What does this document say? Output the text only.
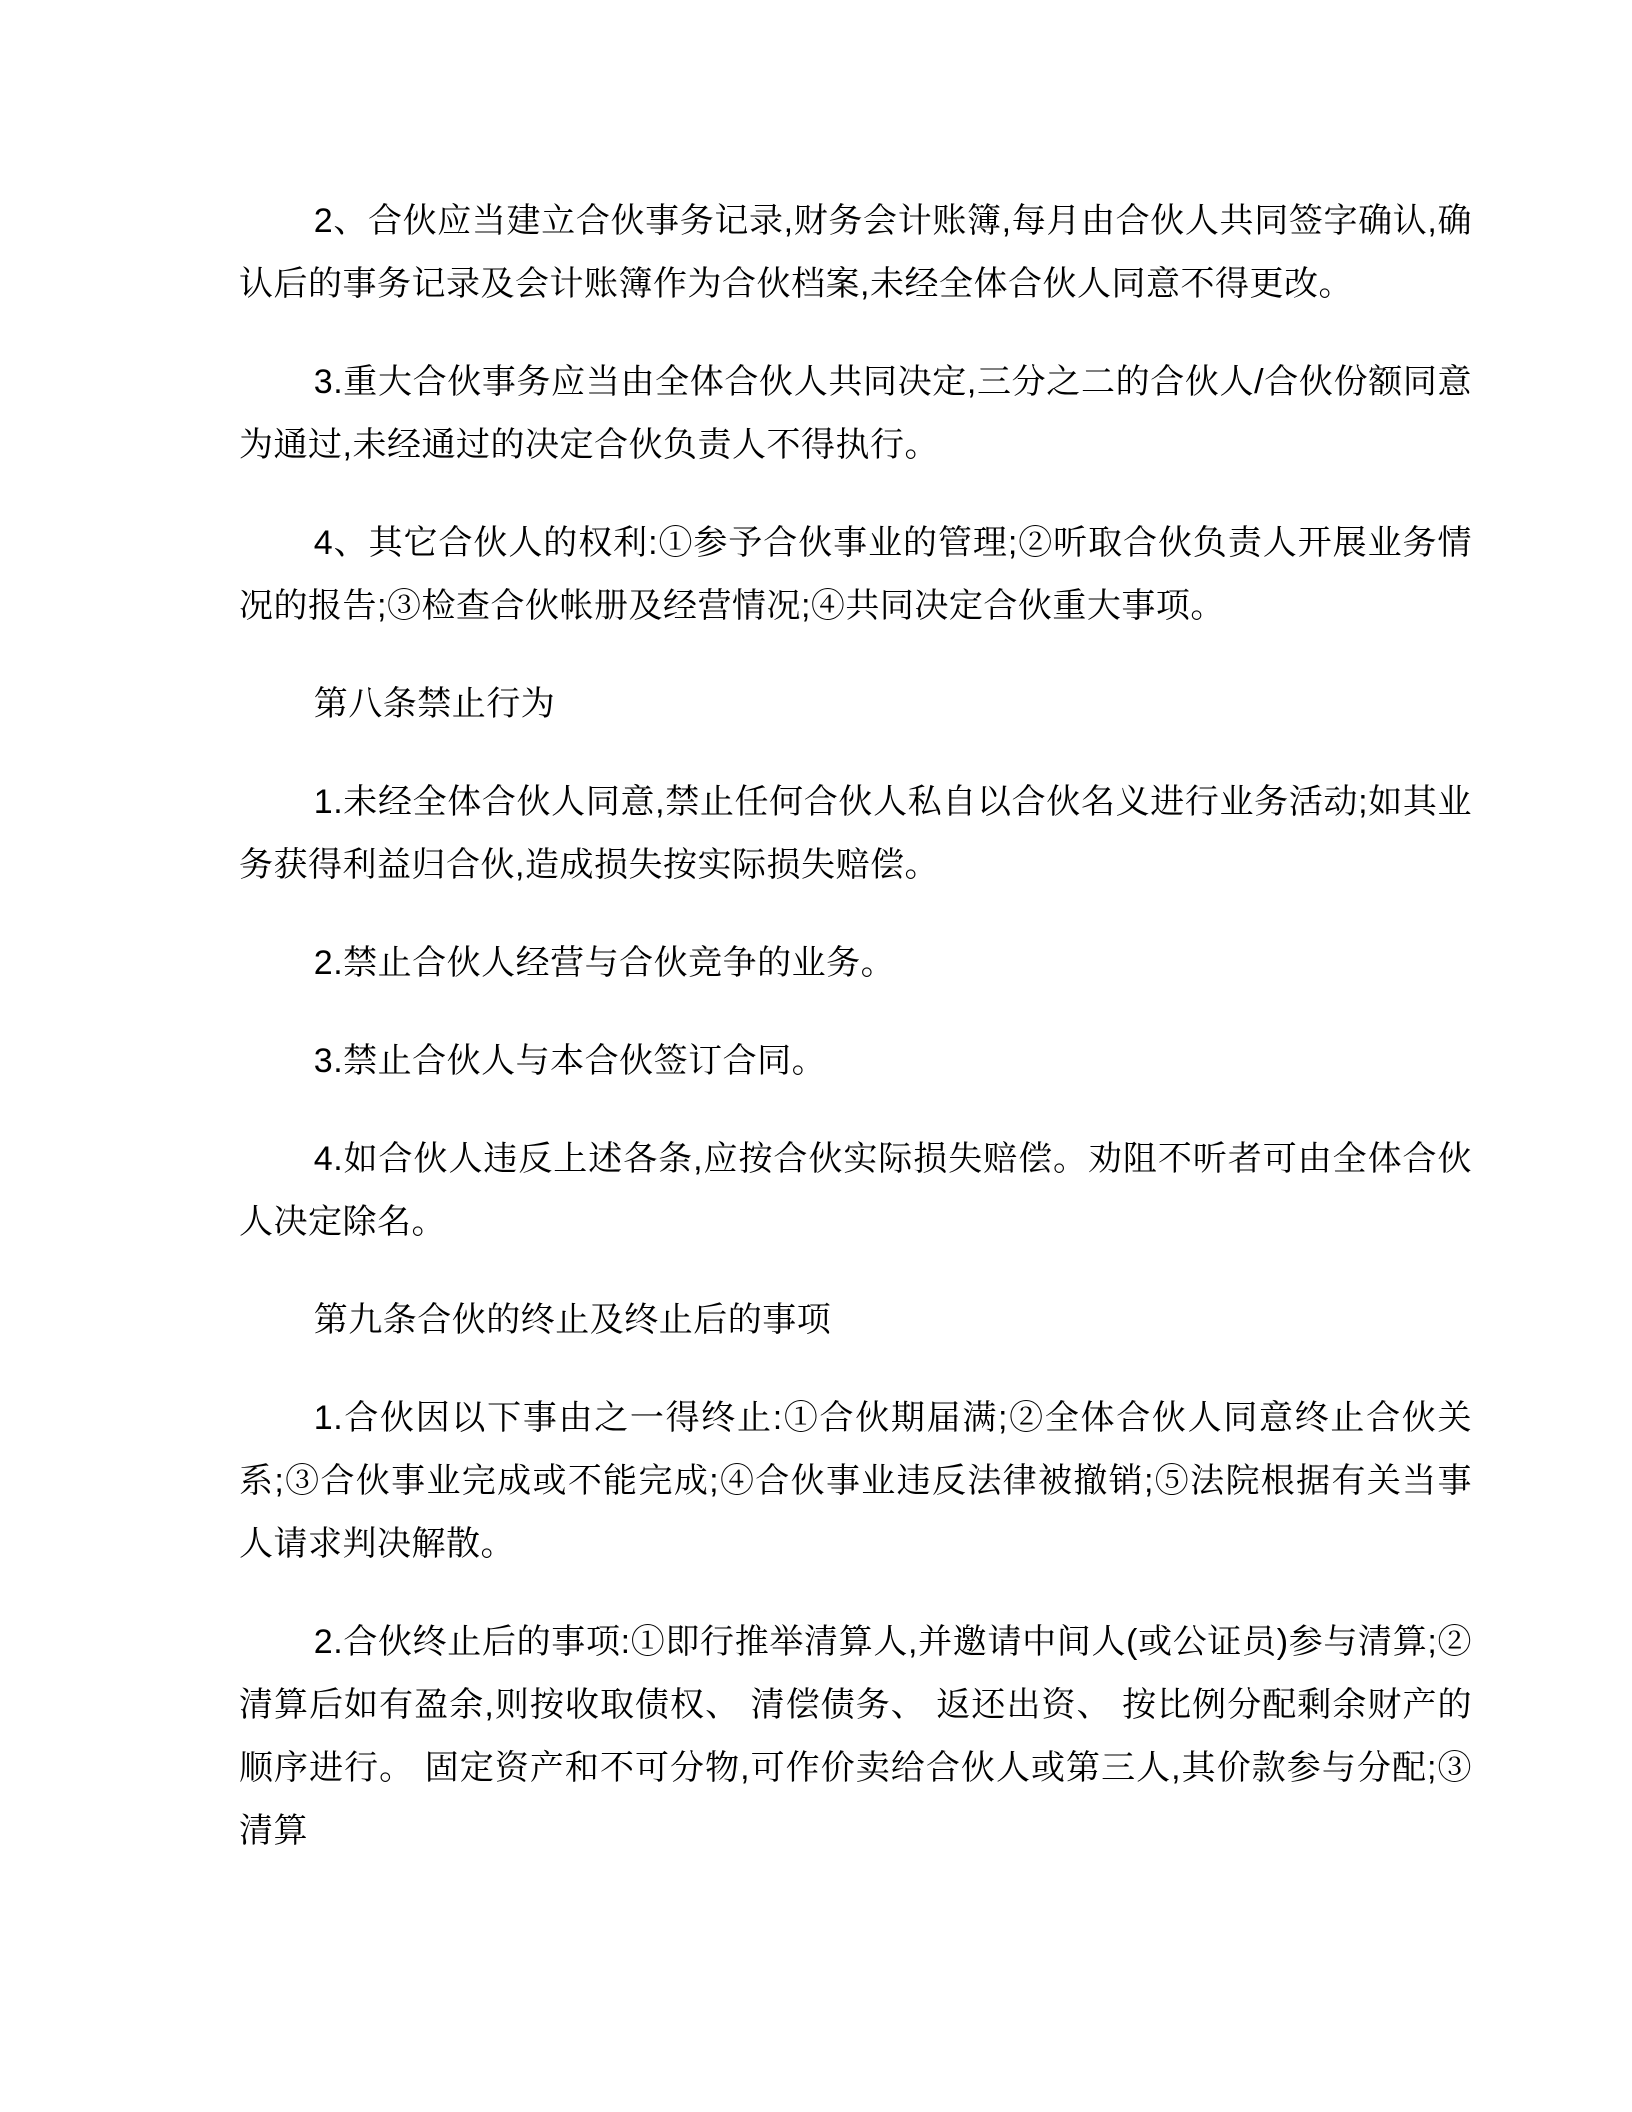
2、合伙应当建立合伙事务记录,财务会计账簿,每月由合伙人共同签字确认,确认后的事务记录及会计账簿作为合伙档案,未经全体合伙人同意不得更改。

3.重大合伙事务应当由全体合伙人共同决定,三分之二的合伙人/合伙份额同意为通过,未经通过的决定合伙负责人不得执行。

4、其它合伙人的权利:①参予合伙事业的管理;②听取合伙负责人开展业务情况的报告;③检查合伙帐册及经营情况;④共同决定合伙重大事项。

第八条禁止行为

1.未经全体合伙人同意,禁止任何合伙人私自以合伙名义进行业务活动;如其业务获得利益归合伙,造成损失按实际损失赔偿。

2.禁止合伙人经营与合伙竞争的业务。

3.禁止合伙人与本合伙签订合同。

4.如合伙人违反上述各条,应按合伙实际损失赔偿。劝阻不听者可由全体合伙人决定除名。

第九条合伙的终止及终止后的事项

1.合伙因以下事由之一得终止:①合伙期届满;②全体合伙人同意终止合伙关系;③合伙事业完成或不能完成;④合伙事业违反法律被撤销;⑤法院根据有关当事人请求判决解散。

2.合伙终止后的事项:①即行推举清算人,并邀请中间人(或公证员)参与清算;②清算后如有盈余,则按收取债权、 清偿债务、 返还出资、 按比例分配剩余财产的顺序进行。 固定资产和不可分物,可作价卖给合伙人或第三人,其价款参与分配;③清算
